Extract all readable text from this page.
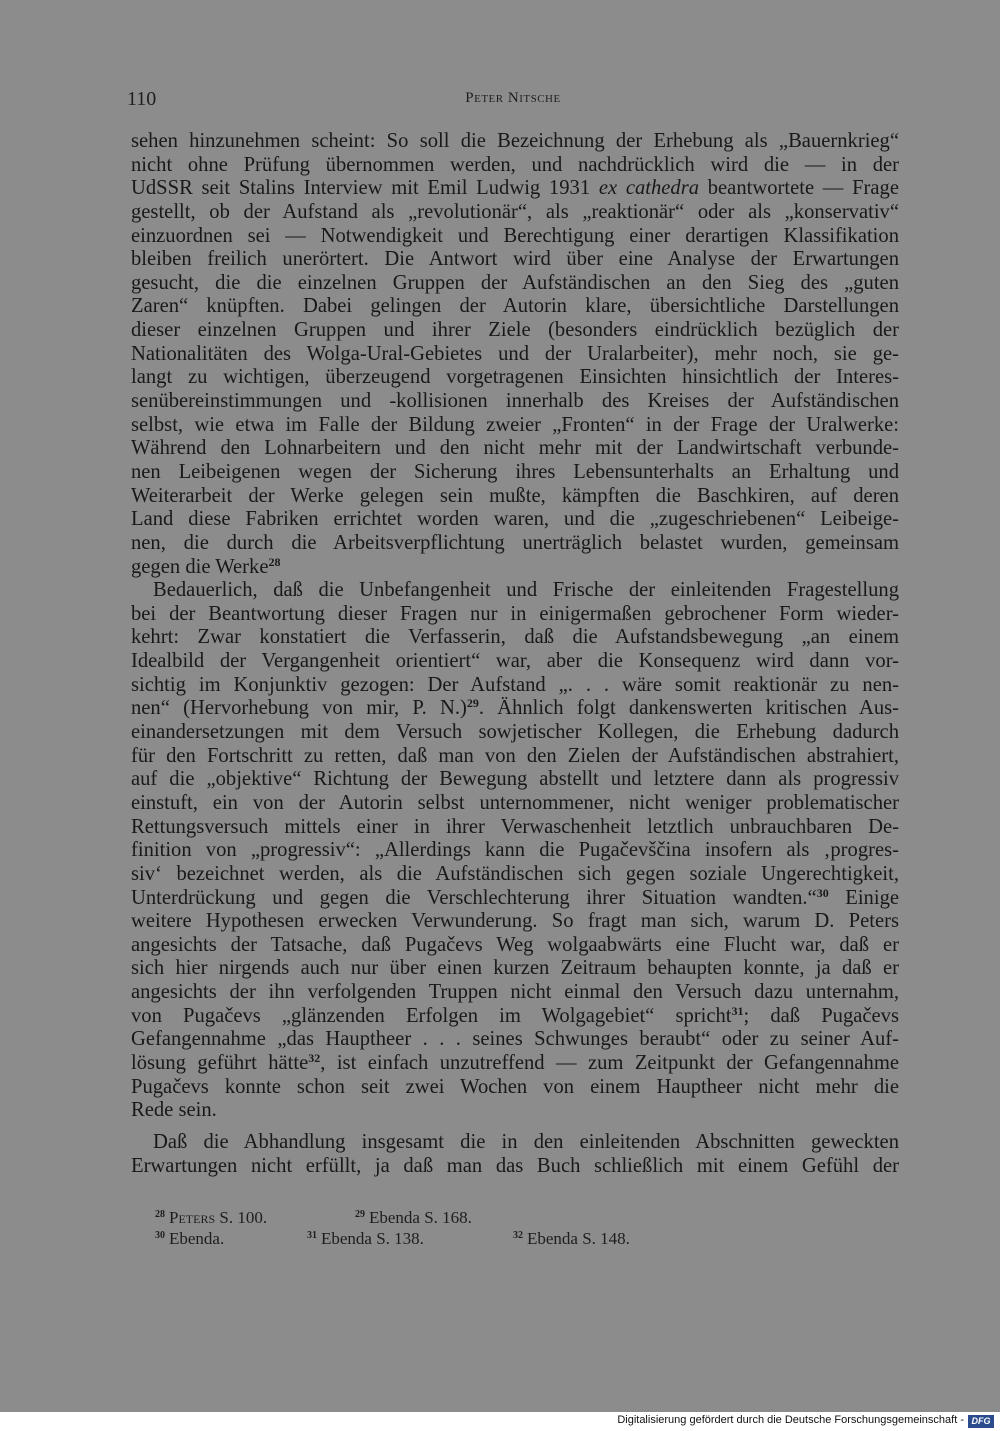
110	Peter Nitsche
sehen hinzunehmen scheint: So soll die Bezeichnung der Erhebung als „Bauernkrieg“
nicht ohne Prüfung übernommen werden, und nachdrücklich wird die — in der
UdSSR seit Stalins Interview mit Emil Ludwig 1931 ex cathedra beantwortete — Frage
gestellt, ob der Aufstand als „revolutionär“, als „reaktionär“ oder als „konservativ“
einzuordnen sei — Notwendigkeit und Berechtigung einer derartigen Klassifikation
bleiben freilich unerörtert. Die Antwort wird über eine Analyse der Erwartungen
gesucht, die die einzelnen Gruppen der Aufständischen an den Sieg des „guten
Zaren“ knüpften. Dabei gelingen der Autorin klare, übersichtliche Darstellungen
dieser einzelnen Gruppen und ihrer Ziele (besonders eindrücklich bezüglich der
Nationalitäten des Wolga-Ural-Gebietes und der Uralarbeiter), mehr noch, sie ge-
langt zu wichtigen, überzeugend vorgetragenen Einsichten hinsichtlich der Interes-
senübereinstimmungen und -kollisionen innerhalb des Kreises der Aufständischen
selbst, wie etwa im Falle der Bildung zweier „Fronten“ in der Frage der Uralwerke:
Während den Lohnarbeitern und den nicht mehr mit der Landwirtschaft verbunde-
nen Leibeigenen wegen der Sicherung ihres Lebensunterhalts an Erhaltung und
Weiterarbeit der Werke gelegen sein mußte, kämpften die Baschkiren, auf deren
Land diese Fabriken errichtet worden waren, und die „zugeschriebenen“ Leibeige-
nen, die durch die Arbeitsverpflichtung unerträglich belastet wurden, gemeinsam
gegen die Werke$^{28}$
Bedauerlich, daß die Unbefangenheit und Frische der einleitenden Fragestellung
bei der Beantwortung dieser Fragen nur in einigermaßen gebrochener Form wieder-
kehrt: Zwar konstatiert die Verfasserin, daß die Aufstandsbewegung „an einem
Idealbild der Vergangenheit orientiert“ war, aber die Konsequenz wird dann vor-
sichtig im Konjunktiv gezogen: Der Aufstand „. . . wäre somit reaktionär zu nen-
nen“ (Hervorhebung von mir, P. N.)$^{29}$. Ähnlich folgt dankenswerten kritischen Aus-
einandersetzungen mit dem Versuch sowjetischer Kollegen, die Erhebung dadurch
für den Fortschritt zu retten, daß man von den Zielen der Aufständischen abstrahiert,
auf die „objektive“ Richtung der Bewegung abstellt und letztere dann als progressiv
einstuft, ein von der Autorin selbst unternommener, nicht weniger problematischer
Rettungsversuch mittels einer in ihrer Verwaschenheit letztlich unbrauchbaren De-
finition von „progressiv“: „Allerdings kann die Pugačevščina insofern als ‚progres-
siv‘ bezeichnet werden, als die Aufständischen sich gegen soziale Ungerechtigkeit,
Unterdrückung und gegen die Verschlechterung ihrer Situation wandten.“$^{30}$ Einige
weitere Hypothesen erwecken Verwunderung. So fragt man sich, warum D. Peters
angesichts der Tatsache, daß Pugačevs Weg wolgaabwärts eine Flucht war, daß er
sich hier nirgends auch nur über einen kurzen Zeitraum behaupten konnte, ja daß er
angesichts der ihn verfolgenden Truppen nicht einmal den Versuch dazu unternahm,
von Pugačevs „glänzenden Erfolgen im Wolgagebiet“ spricht$^{31}$; daß Pugačevs
Gefangennahme „das Hauptheer . . . seines Schwunges beraubt“ oder zu seiner Auf-
lösung geführt hätte$^{32}$, ist einfach unzutreffend — zum Zeitpunkt der Gefangennahme
Pugačevs konnte schon seit zwei Wochen von einem Hauptheer nicht mehr die
Rede sein.
Daß die Abhandlung insgesamt die in den einleitenden Abschnitten geweckten
Erwartungen nicht erfüllt, ja daß man das Buch schließlich mit einem Gefühl der
$^{28}$ Peters S. 100.	$^{29}$ Ebenda S. 168.
$^{30}$ Ebenda.	$^{31}$ Ebenda S. 138.	$^{32}$ Ebenda S. 148.
Digitalisierung gefördert durch die Deutsche Forschungsgemeinschaft - DFG
